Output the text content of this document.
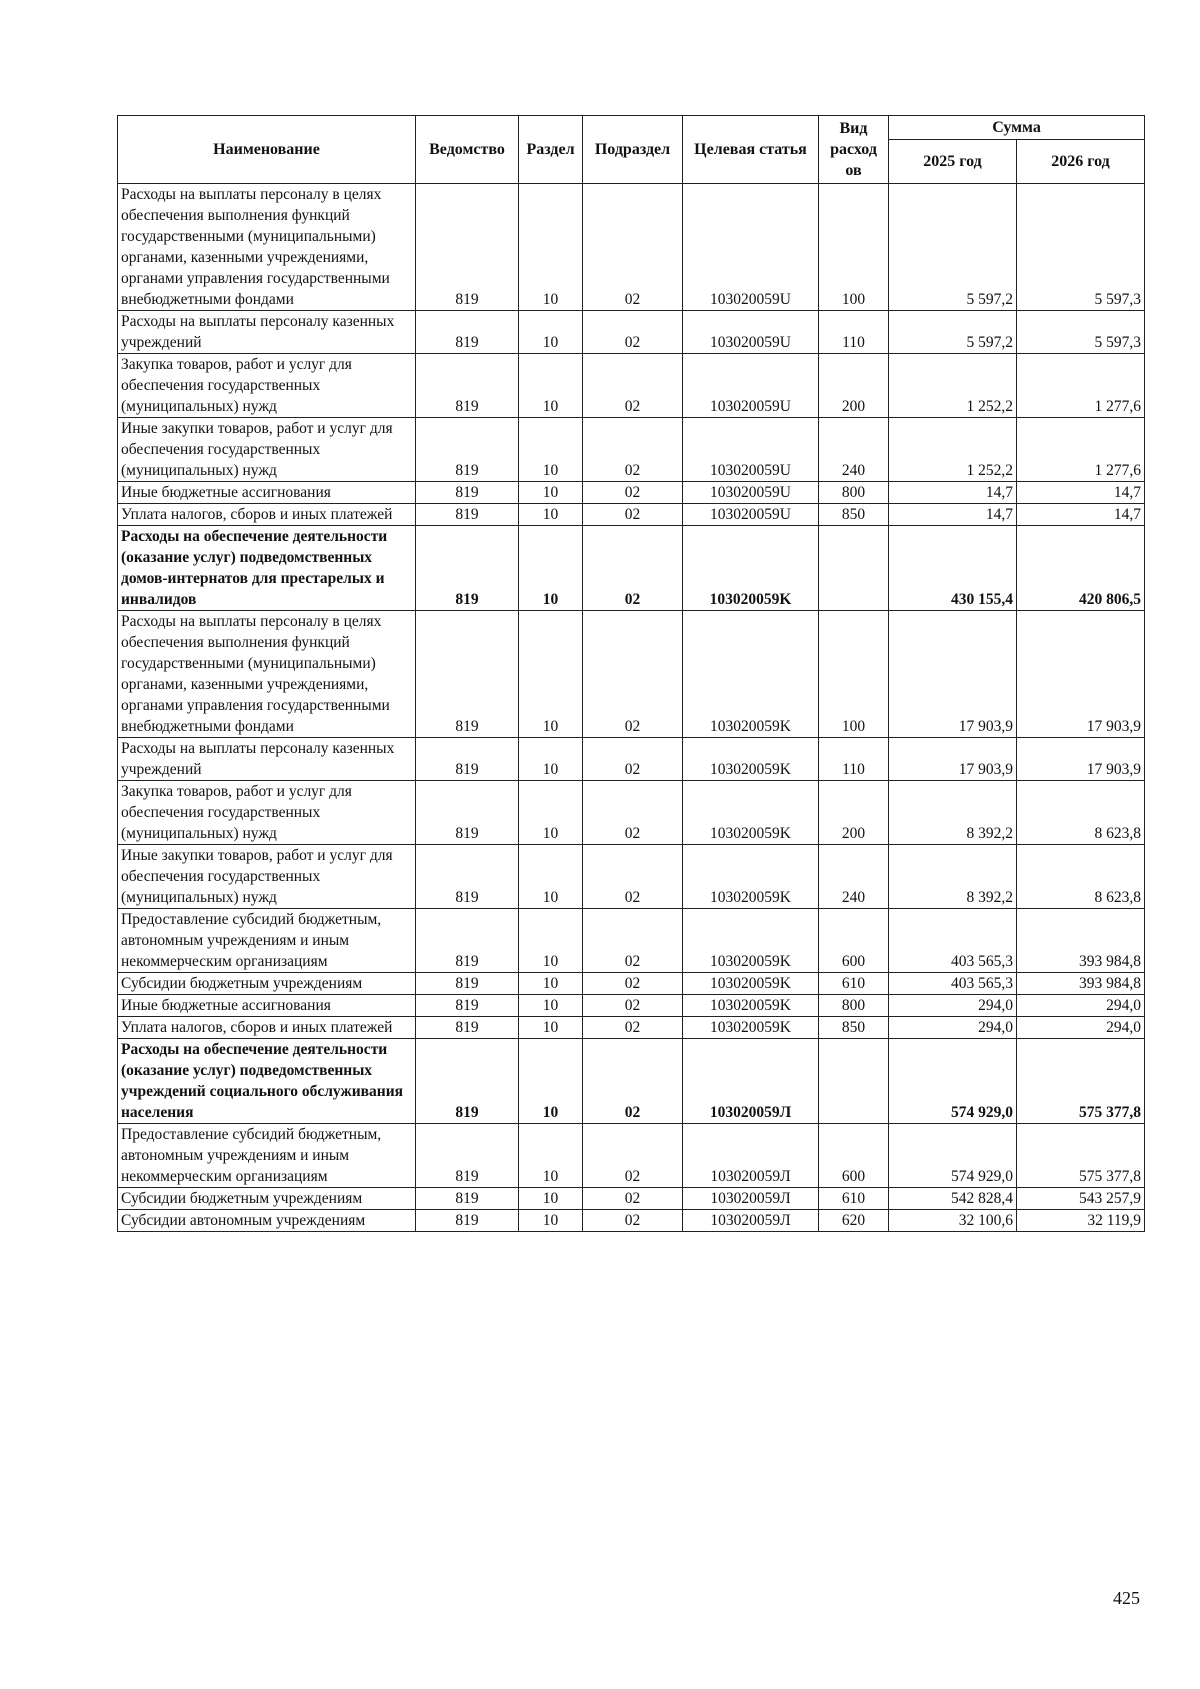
Наименование	Ведомство	Раздел	Подраздел	Целевая статья	Вид расход ов	Сумма	
						2025 год	2026 год
Расходы на выплаты персоналу в целях обеспечения выполнения функций государственными (муниципальными) органами, казенными учреждениями, органами управления государственными внебюджетными фондами	819	10	02	103020059U	100	5 597,2	5 597,3
Расходы на выплаты персоналу казенных учреждений	819	10	02	103020059U	110	5 597,2	5 597,3
Закупка товаров, работ и услуг для обеспечения государственных (муниципальных) нужд	819	10	02	103020059U	200	1 252,2	1 277,6
Иные закупки товаров, работ и услуг для обеспечения государственных (муниципальных) нужд	819	10	02	103020059U	240	1 252,2	1 277,6
Иные бюджетные ассигнования	819	10	02	103020059U	800	14,7	14,7
Уплата налогов, сборов и иных платежей	819	10	02	103020059U	850	14,7	14,7
Расходы на обеспечение деятельности (оказание услуг) подведомственных домов-интернатов для престарелых и инвалидов	819	10	02	103020059K		430 155,4	420 806,5
Расходы на выплаты персоналу в целях обеспечения выполнения функций государственными (муниципальными) органами, казенными учреждениями, органами управления государственными внебюджетными фондами	819	10	02	103020059K	100	17 903,9	17 903,9
Расходы на выплаты персоналу казенных учреждений	819	10	02	103020059K	110	17 903,9	17 903,9
Закупка товаров, работ и услуг для обеспечения государственных (муниципальных) нужд	819	10	02	103020059K	200	8 392,2	8 623,8
Иные закупки товаров, работ и услуг для обеспечения государственных (муниципальных) нужд	819	10	02	103020059K	240	8 392,2	8 623,8
Предоставление субсидий бюджетным, автономным учреждениям и иным некоммерческим организациям	819	10	02	103020059K	600	403 565,3	393 984,8
Субсидии бюджетным учреждениям	819	10	02	103020059K	610	403 565,3	393 984,8
Иные бюджетные ассигнования	819	10	02	103020059K	800	294,0	294,0
Уплата налогов, сборов и иных платежей	819	10	02	103020059K	850	294,0	294,0
Расходы на обеспечение деятельности (оказание услуг) подведомственных учреждений социального обслуживания населения	819	10	02	103020059Л		574 929,0	575 377,8
Предоставление субсидий бюджетным, автономным учреждениям и иным некоммерческим организациям	819	10	02	103020059Л	600	574 929,0	575 377,8
Субсидии бюджетным учреждениям	819	10	02	103020059Л	610	542 828,4	543 257,9
Субсидии автономным учреждениям	819	10	02	103020059Л	620	32 100,6	32 119,9
425
